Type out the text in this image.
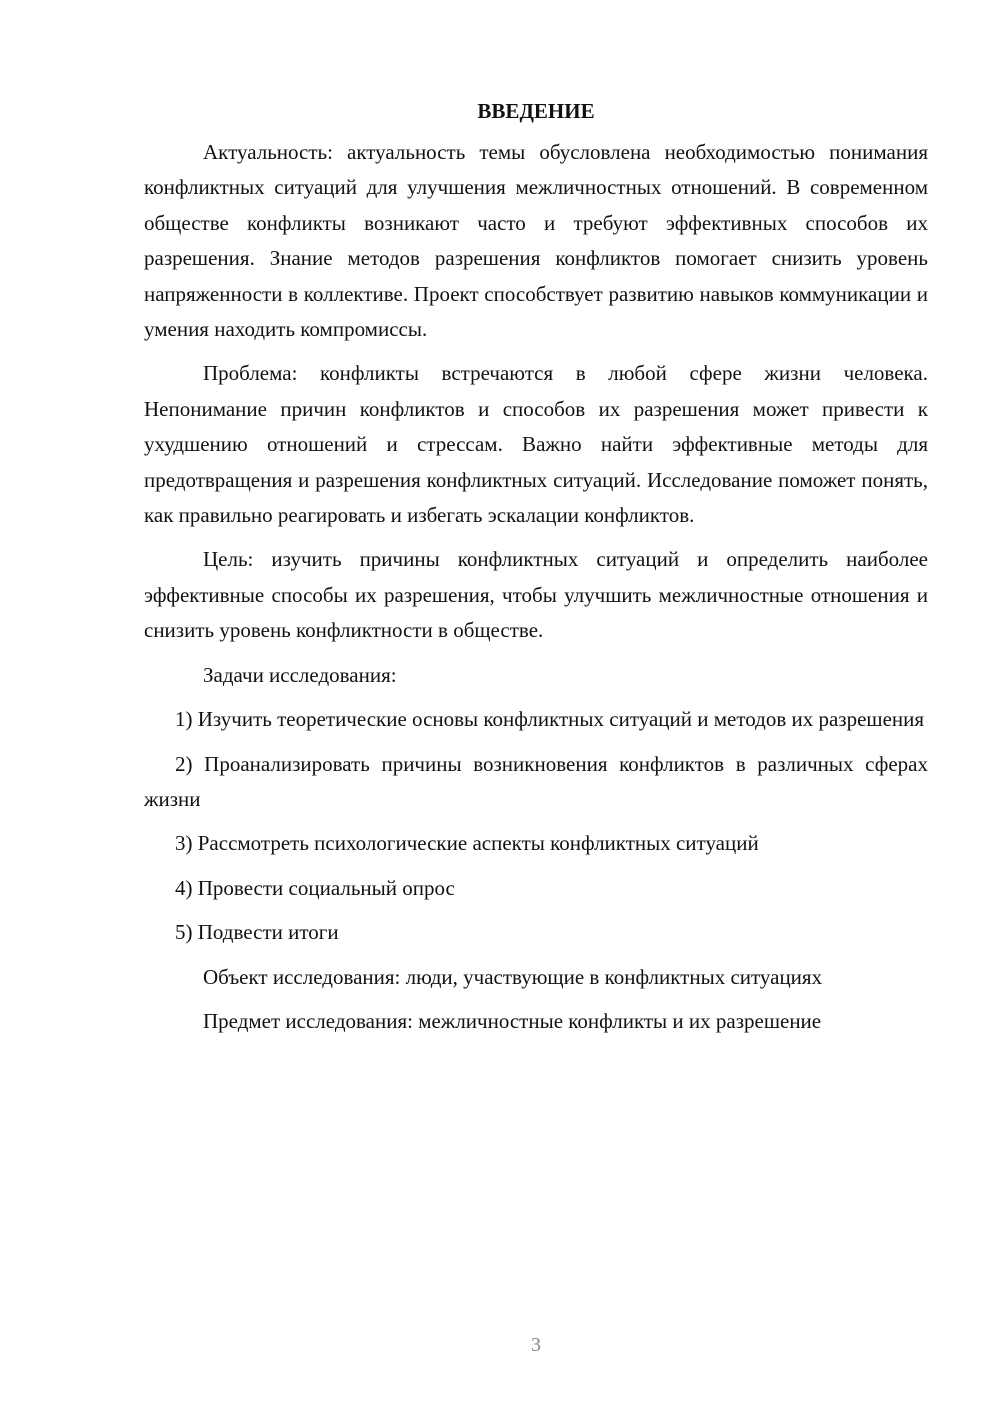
ВВЕДЕНИЕ

Актуальность: актуальность темы обусловлена необходимостью понимания конфликтных ситуаций для улучшения межличностных отношений. В современном обществе конфликты возникают часто и требуют эффективных способов их разрешения. Знание методов разрешения конфликтов помогает снизить уровень напряженности в коллективе. Проект способствует развитию навыков коммуникации и умения находить компромиссы.

Проблема: конфликты встречаются в любой сфере жизни человека. Непонимание причин конфликтов и способов их разрешения может привести к ухудшению отношений и стрессам. Важно найти эффективные методы для предотвращения и разрешения конфликтных ситуаций. Исследование поможет понять, как правильно реагировать и избегать эскалации конфликтов.

Цель: изучить причины конфликтных ситуаций и определить наиболее эффективные способы их разрешения, чтобы улучшить межличностные отношения и снизить уровень конфликтности в обществе.

Задачи исследования:

1) Изучить теоретические основы конфликтных ситуаций и методов их разрешения

2) Проанализировать причины возникновения конфликтов в различных сферах жизни

3) Рассмотреть психологические аспекты конфликтных ситуаций

4) Провести социальный опрос

5) Подвести итоги

Объект исследования: люди, участвующие в конфликтных ситуациях

Предмет исследования: межличностные конфликты и их разрешение

3
